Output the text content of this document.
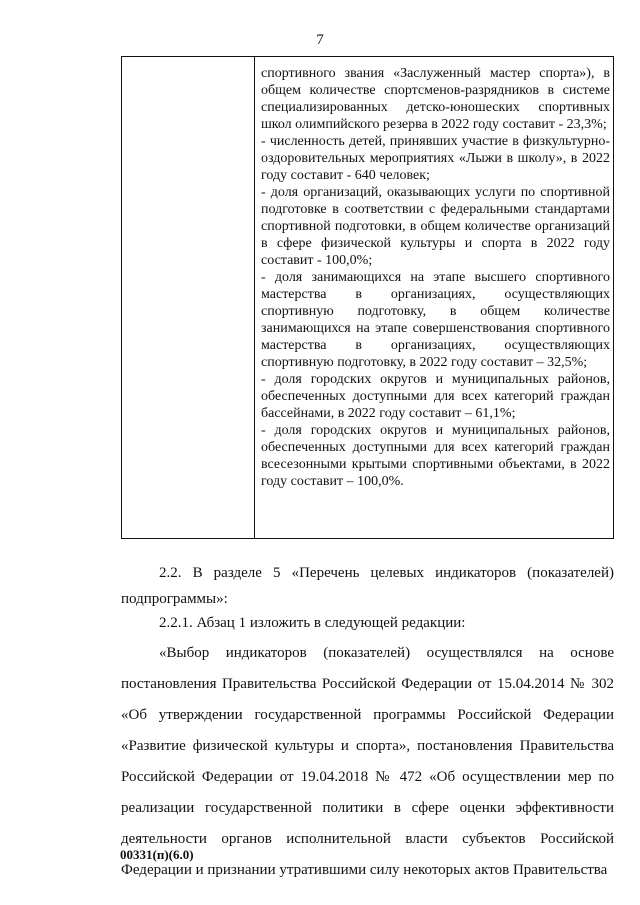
7
спортивного звания «Заслуженный мастер спорта»), в общем количестве спортсменов-разрядников в системе специализированных детско-юношеских спортивных школ олимпийского резерва в 2022 году составит - 23,3%;
- численность детей, принявших участие в физкультурно-оздоровительных мероприятиях «Лыжи в школу», в 2022 году составит - 640 человек;
- доля организаций, оказывающих услуги по спортивной подготовке в соответствии с федеральными стандартами спортивной подготовки, в общем количестве организаций в сфере физической культуры и спорта в 2022 году составит - 100,0%;
- доля занимающихся на этапе высшего спортивного мастерства в организациях, осуществляющих спортивную подготовку, в общем количестве занимающихся на этапе совершенствования спортивного мастерства в организациях, осуществляющих спортивную подготовку, в 2022 году составит – 32,5%;
- доля городских округов и муниципальных районов, обеспеченных доступными для всех категорий граждан бассейнами, в 2022 году составит – 61,1%;
- доля городских округов и муниципальных районов, обеспеченных доступными для всех категорий граждан всесезонными крытыми спортивными объектами, в 2022 году составит – 100,0%.
2.2. В разделе 5 «Перечень целевых индикаторов (показателей) подпрограммы»:
2.2.1. Абзац 1 изложить в следующей редакции:
«Выбор индикаторов (показателей) осуществлялся на основе постановления Правительства Российской Федерации от 15.04.2014 № 302 «Об утверждении государственной программы Российской Федерации «Развитие физической культуры и спорта», постановления Правительства Российской Федерации от 19.04.2018 № 472 «Об осуществлении мер по реализации государственной политики в сфере оценки эффективности деятельности органов исполнительной власти субъектов Российской Федерации и признании утратившими силу некоторых актов Правительства
00331(п)(6.0)
